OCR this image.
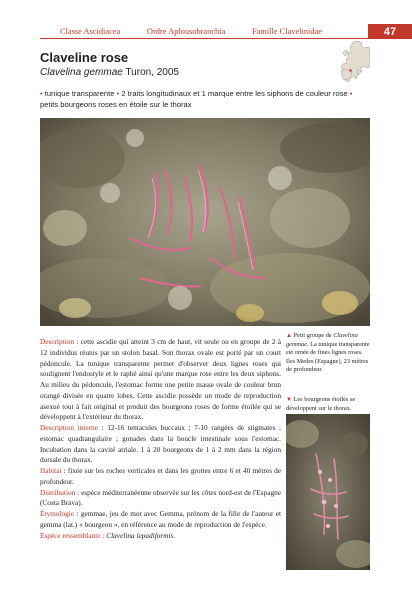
Classe Ascidiacea	Ordre Aplousobranchia	Famille Clavelinidae	47
Claveline rose
Clavelina gemmae Turon, 2005
• tunique transparente • 2 traits longitudinaux et 1 marque entre les siphons de couleur rose • petits bourgeons roses en étoile sur le thorax

Description : cette ascidie qui atteint 3 cm de haut, vit seule ou en groupe de 2 à 12 individus réunis par un stolon basal. Son thorax ovale est porté par un court pédoncule. La tunique transparente permet d'observer deux lignes roses qui soulignent l'endostyle et le raphé ainsi qu'une marque rose entre les deux siphons. Au milieu du pédoncule, l'estomac forme une petite masse ovale de couleur brun orangé divisée en quatre lobes. Cette ascidie possède un mode de reproduction asexué tout à fait original et produit des bourgeons roses de forme étoilée qui se développent à l'extérieur du thorax.

Description interne : 12-16 tentacules buccaux ; 7-10 rangées de stigmates ; estomac quadrangulaire ; gonades dans la boucle intestinale sous l'estomac. Incubation dans la cavité atriale. 1 à 20 bourgeons de 1 à 2 mm dans la région dorsale du thorax.

Habitat : fixée sur les roches verticales et dans les grottes entre 6 et 40 mètres de profondeur.

Distribution : espèce méditerranéenne observée sur les côtes nord-est de l'Espagne (Costa Brava).

Étymologie : gemmae, jeu de mot avec Gemma, prénom de la fille de l'auteur et gemma (lat.) « bourgeon », en référence au mode de reproduction de l'espèce.

Espèce ressemblante : Clavelina lepadiformis.

▲ Petit groupe de Clavelina gemmae. La tunique transparente est ornée de fines lignes roses. Iles Medes (Espagne), 23 mètres de profondeur.
▼ Les bourgeons étoilés se développent sur le thorax.
